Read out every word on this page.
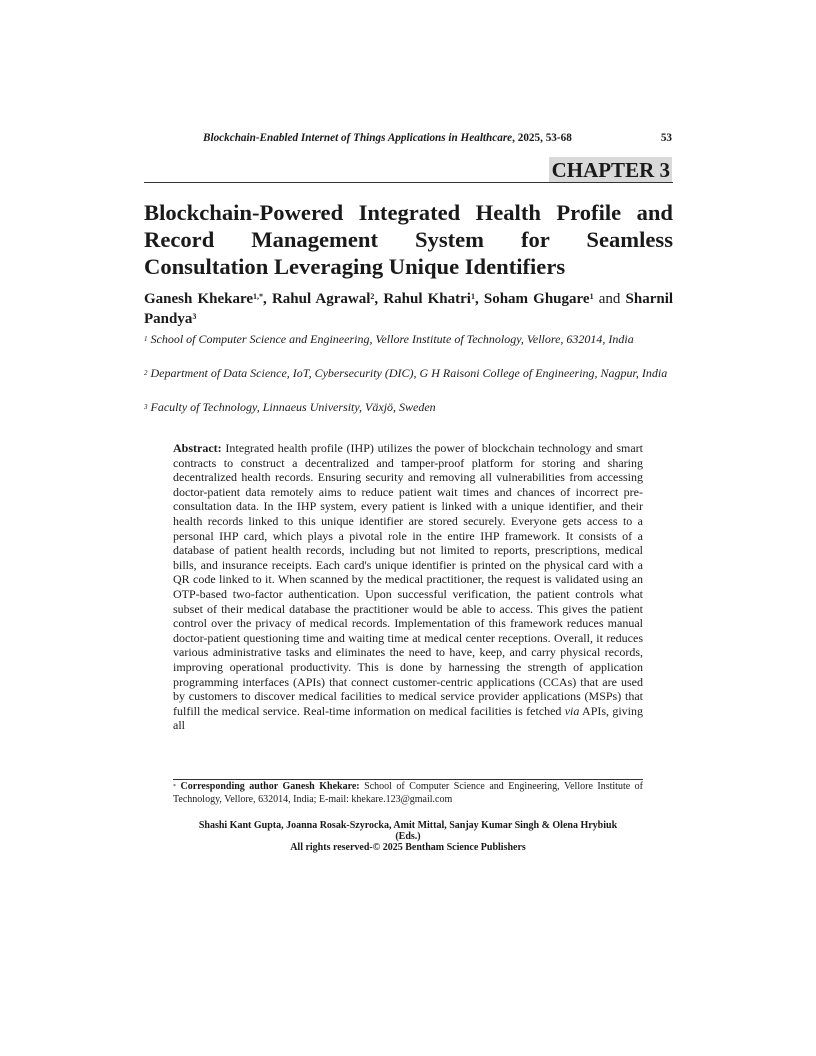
Blockchain-Enabled Internet of Things Applications in Healthcare, 2025, 53-68	53
CHAPTER 3
Blockchain-Powered Integrated Health Profile and Record Management System for Seamless Consultation Leveraging Unique Identifiers
Ganesh Khekare$^{1,*}$, Rahul Agrawal$^2$, Rahul Khatri$^1$, Soham Ghugare$^1$ and Sharnil Pandya$^3$
$^1$ School of Computer Science and Engineering, Vellore Institute of Technology, Vellore, 632014, India
$^2$ Department of Data Science, IoT, Cybersecurity (DIC), G H Raisoni College of Engineering, Nagpur, India
$^3$ Faculty of Technology, Linnaeus University, Växjö, Sweden
Abstract: Integrated health profile (IHP) utilizes the power of blockchain technology and smart contracts to construct a decentralized and tamper-proof platform for storing and sharing decentralized health records. Ensuring security and removing all vulnerabilities from accessing doctor-patient data remotely aims to reduce patient wait times and chances of incorrect pre-consultation data. In the IHP system, every patient is linked with a unique identifier, and their health records linked to this unique identifier are stored securely. Everyone gets access to a personal IHP card, which plays a pivotal role in the entire IHP framework. It consists of a database of patient health records, including but not limited to reports, prescriptions, medical bills, and insurance receipts. Each card's unique identifier is printed on the physical card with a QR code linked to it. When scanned by the medical practitioner, the request is validated using an OTP-based two-factor authentication. Upon successful verification, the patient controls what subset of their medical database the practitioner would be able to access. This gives the patient control over the privacy of medical records. Implementation of this framework reduces manual doctor-patient questioning time and waiting time at medical center receptions. Overall, it reduces various administrative tasks and eliminates the need to have, keep, and carry physical records, improving operational productivity. This is done by harnessing the strength of application programming interfaces (APIs) that connect customer-centric applications (CCAs) that are used by customers to discover medical facilities to medical service provider applications (MSPs) that fulfill the medical service. Real-time information on medical facilities is fetched via APIs, giving all
* Corresponding author Ganesh Khekare: School of Computer Science and Engineering, Vellore Institute of Technology, Vellore, 632014, India; E-mail: khekare.123@gmail.com
Shashi Kant Gupta, Joanna Rosak-Szyrocka, Amit Mittal, Sanjay Kumar Singh & Olena Hrybiuk
(Eds.)
All rights reserved-© 2025 Bentham Science Publishers
